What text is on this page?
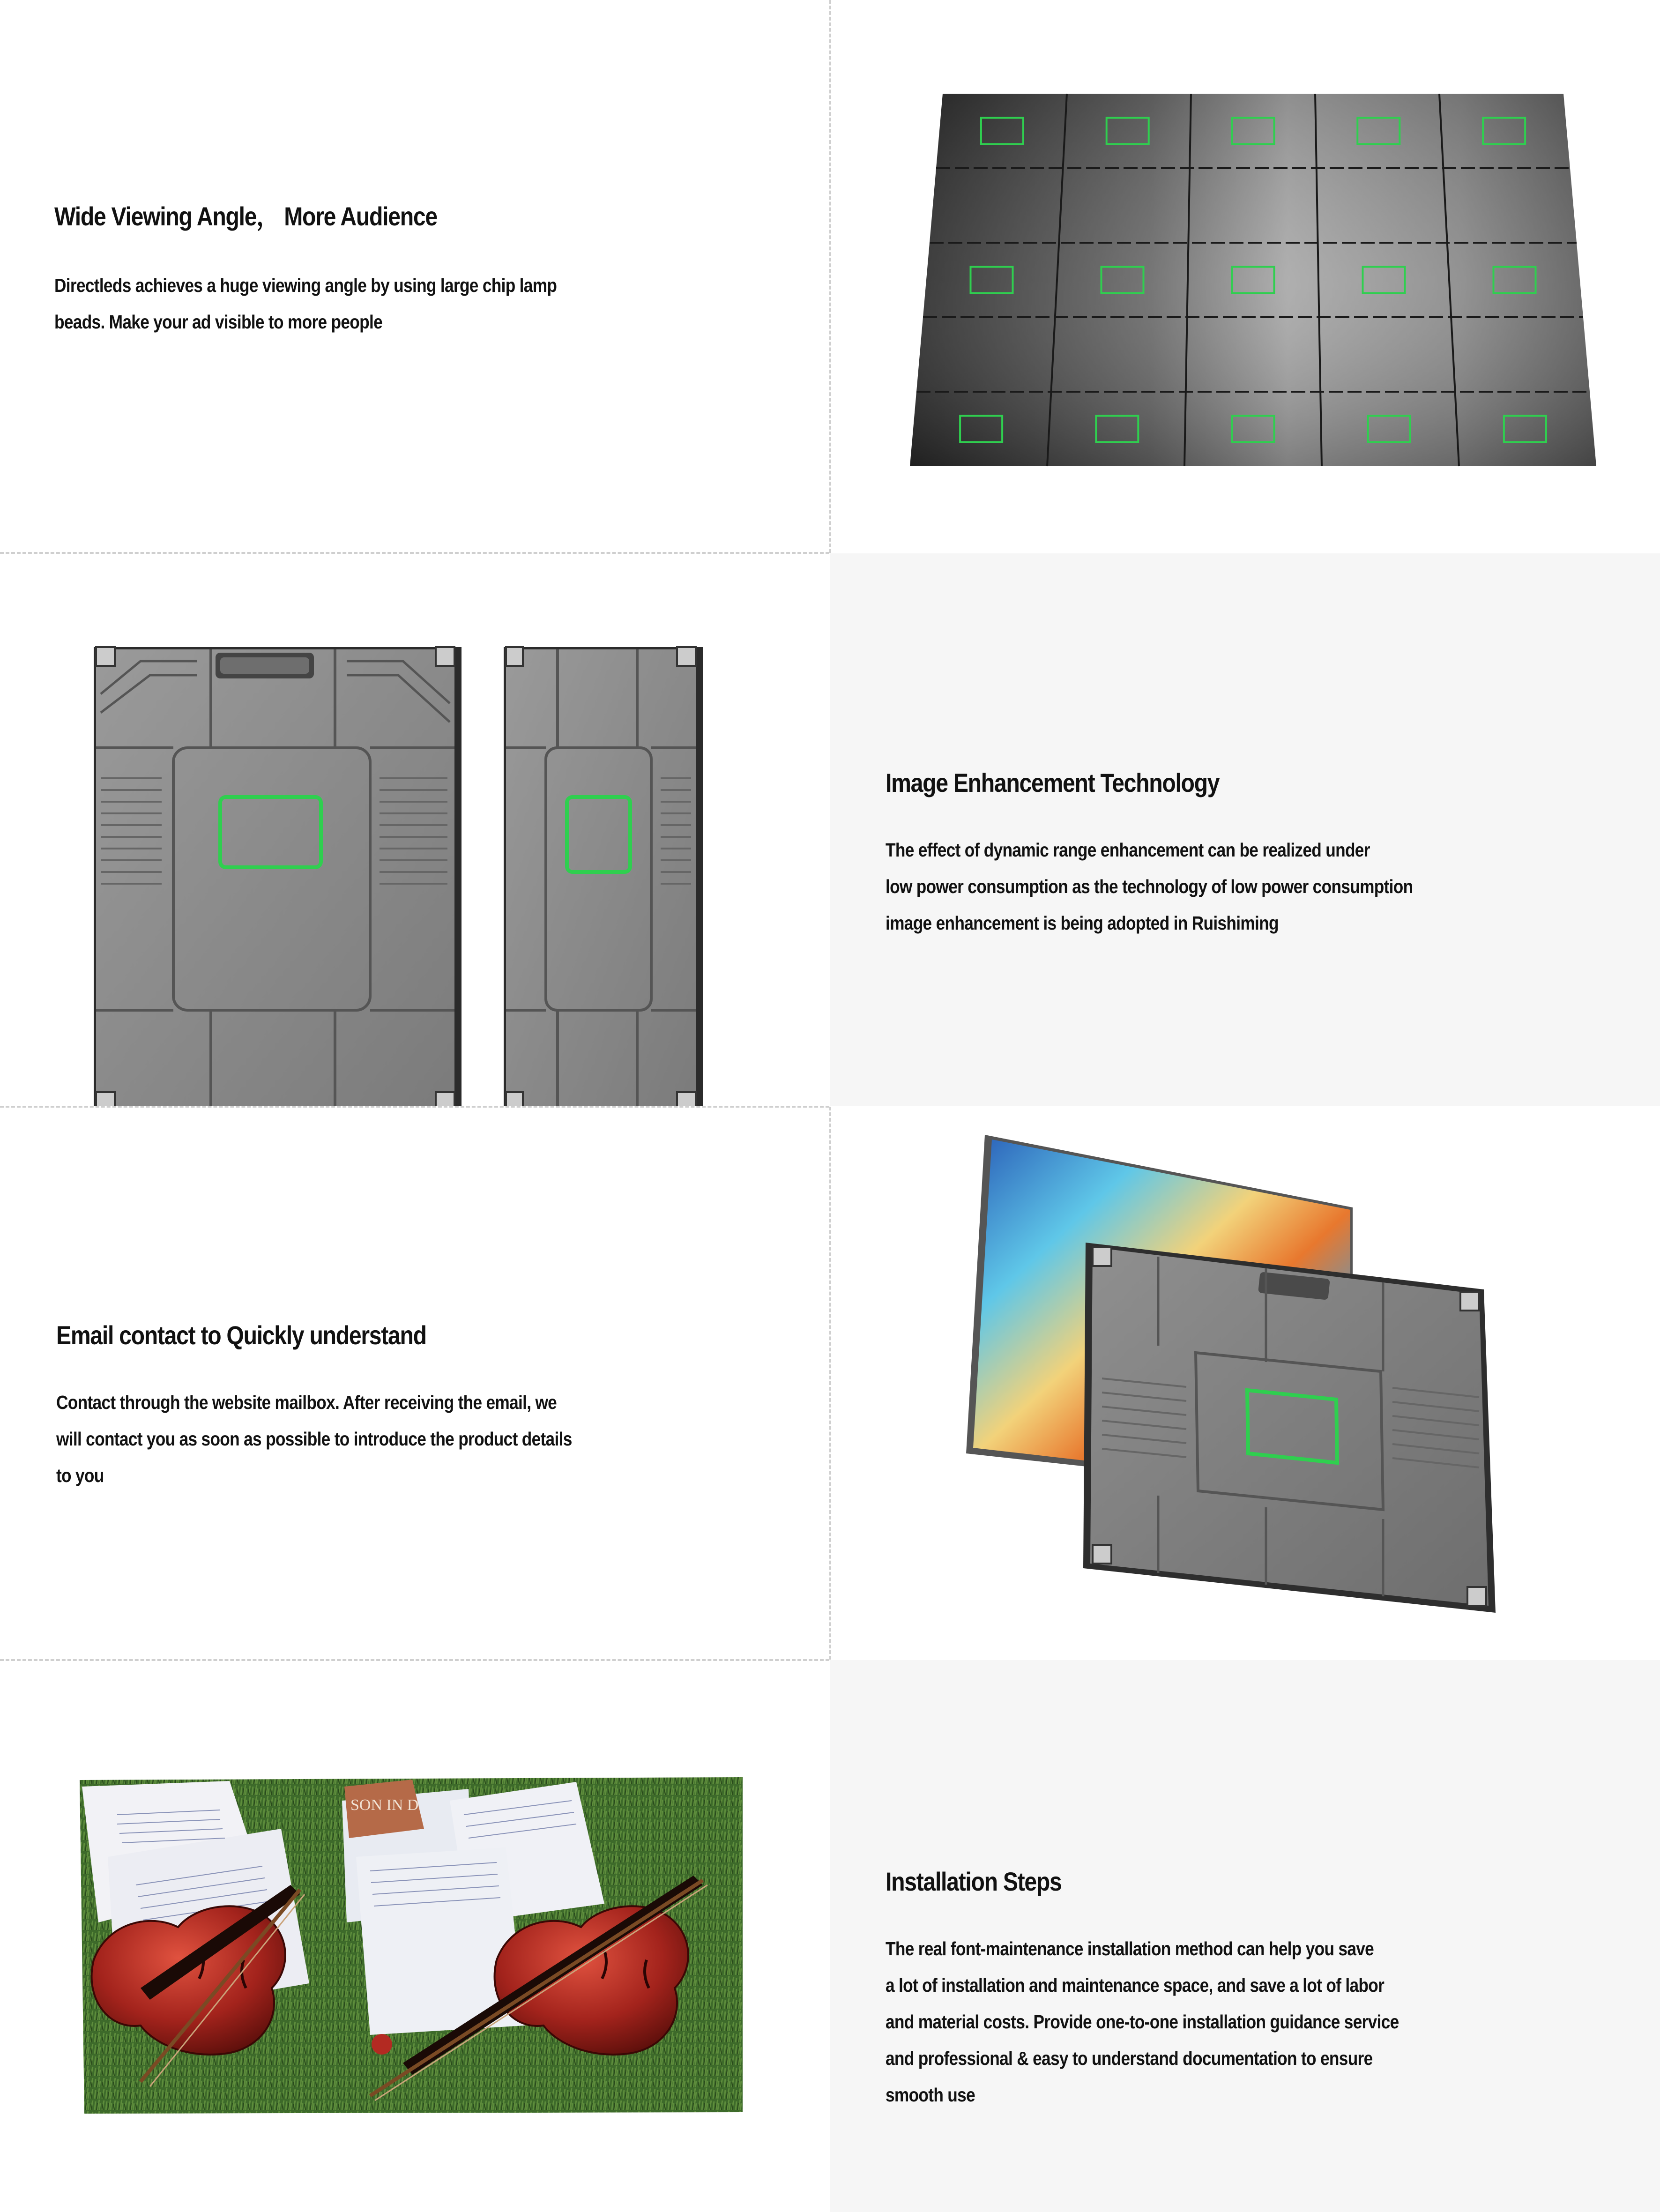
Wide Viewing Angle， More Audience
Directleds achieves a huge viewing angle by using large chip lamp
beads. Make your ad visible to more people
Image Enhancement Technology
The effect of dynamic range enhancement can be realized under
low power consumption as the technology of low power consumption
image enhancement is being adopted in Ruishiming
Email contact to Quickly understand
Contact through the website mailbox. After receiving the email, we
will contact you as soon as possible to introduce the product details
to you
SON IN D
Installation Steps
The real font-maintenance installation method can help you save
a lot of installation and maintenance space, and save a lot of labor
and material costs. Provide one-to-one installation guidance service
and professional & easy to understand documentation to ensure
smooth use
